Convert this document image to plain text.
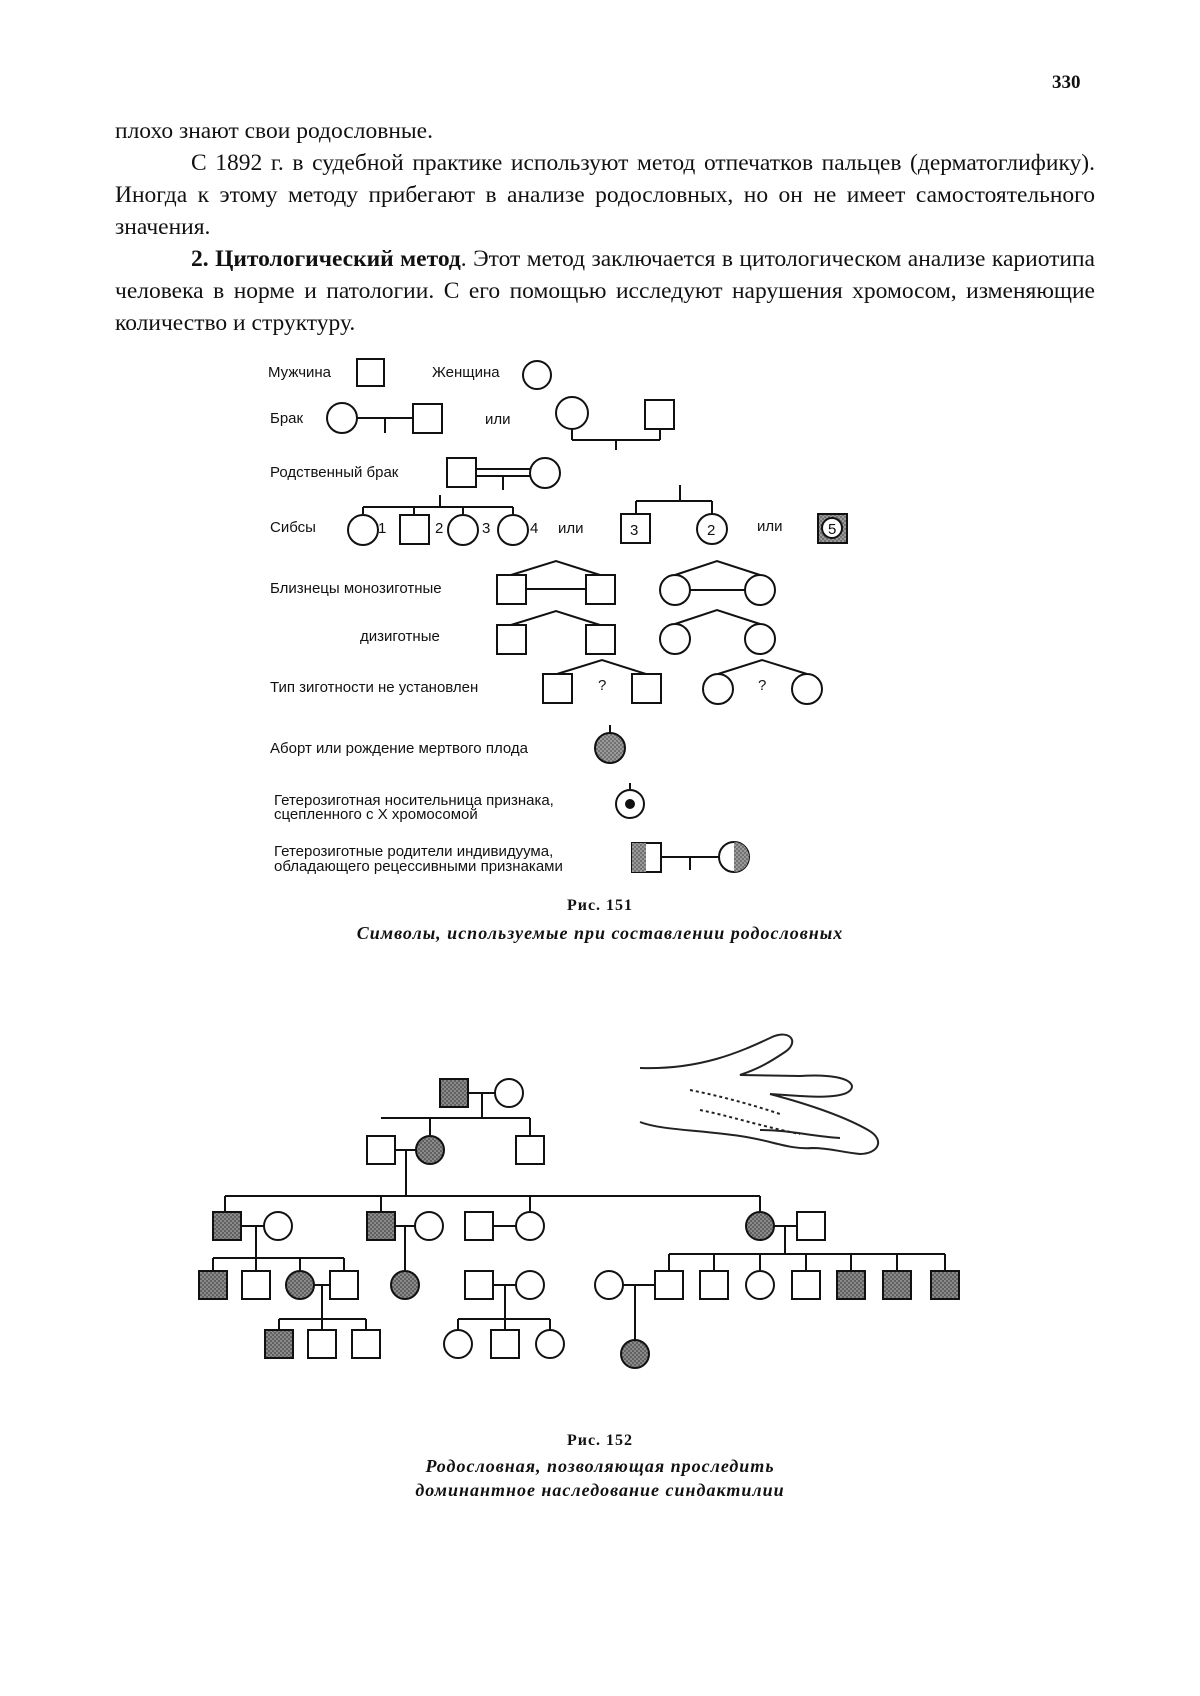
330

плохо знают свои родословные.

С 1892 г. в судебной практике используют метод отпечатков пальцев (дерматоглифику). Иногда к этому методу прибегают в анализе родословных, но он не имеет самостоятельного значения.

2. Цитологический метод. Этот метод заключается в цитологическом анализе кариотипа человека в норме и патологии. С его помощью исследуют нарушения хромосом, изменяющие количество и структуру.

Мужчина	Женщина
Брак	или
Родственный брак
Сибсы	1	2	3	4 или	3	2	или	5
Близнецы монозиготные
дизиготные
Тип зиготности не установлен	?	?
Аборт или рождение мертвого плода
Гетерозиготная носительница признака,
сцепленного с Х хромосомой
Гетерозиготные родители индивидуума,
обладающего рецессивными признаками
Рис. 151
Символы, используемые при составлении родословных
Рис. 152
Родословная, позволяющая проследить
доминантное наследование синдактилии
